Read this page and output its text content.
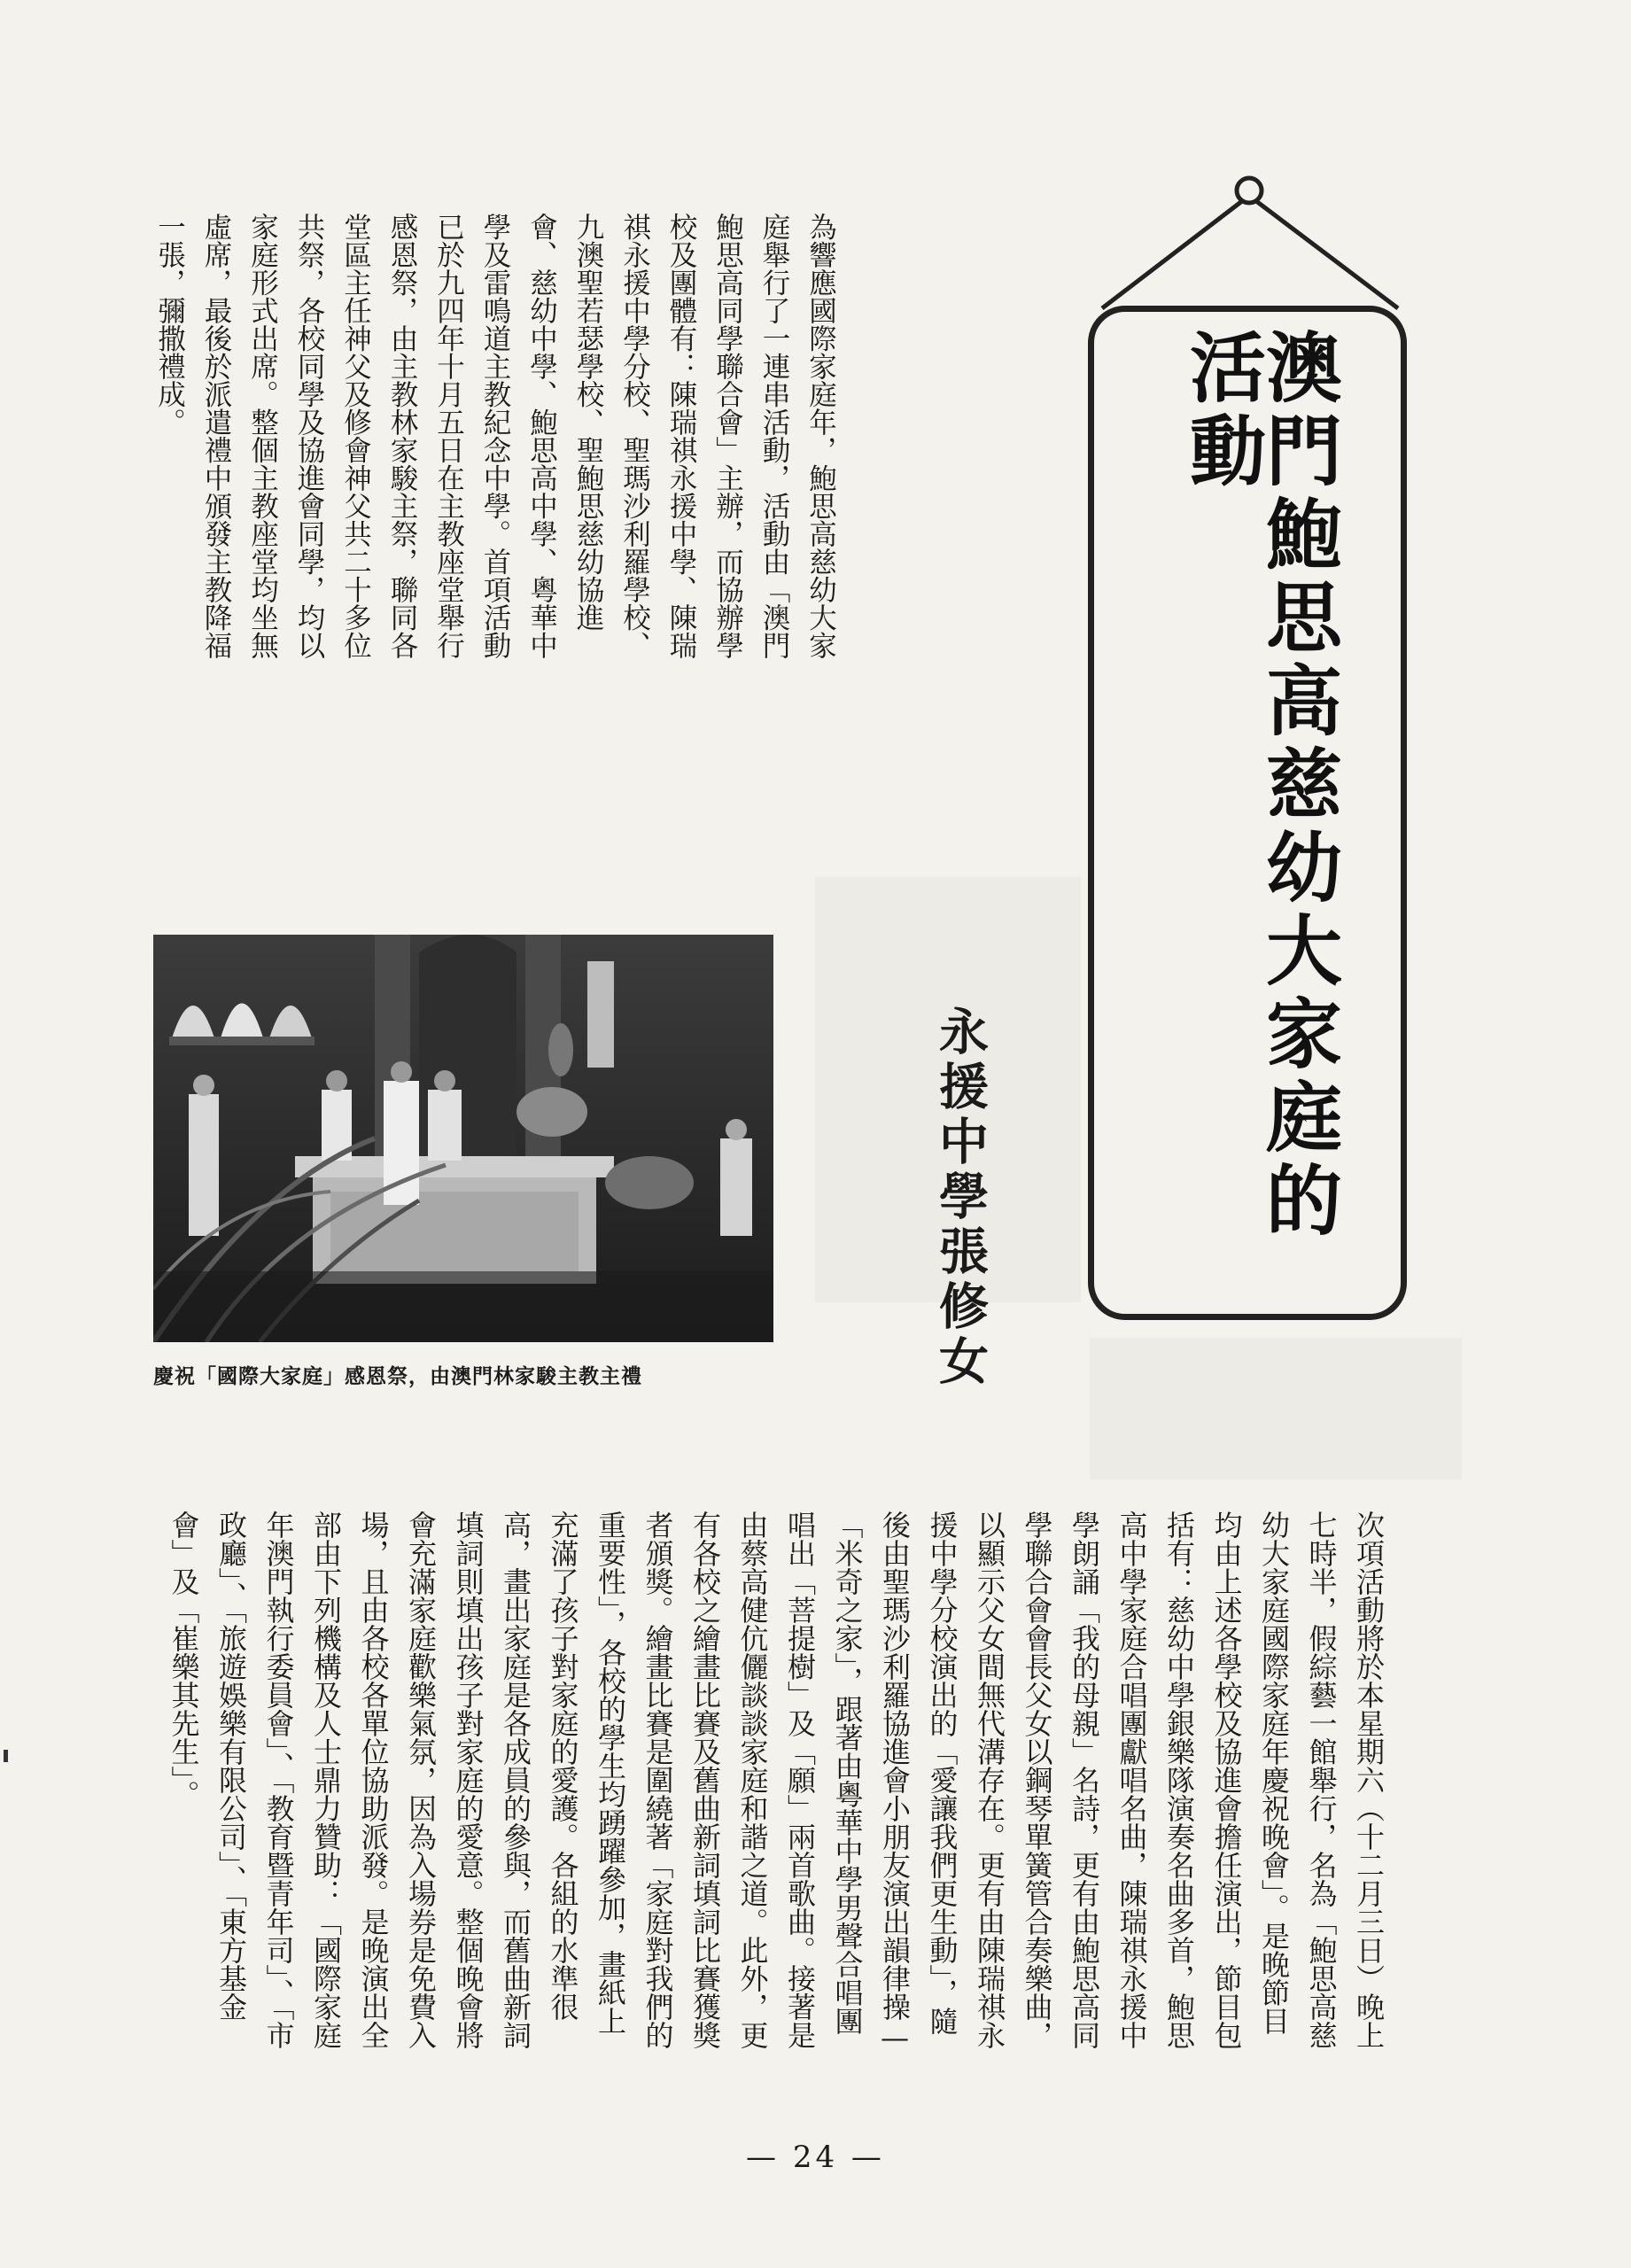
澳門鮑思高慈幼大家庭的活動
永援中學張修女
為響應國際家庭年，鮑思高慈幼大家庭舉行了一連串活動，活動由「澳門鮑思高同學聯合會」主辦，而協辦學校及團體有：陳瑞祺永援中學、陳瑞祺永援中學分校、聖瑪沙利羅學校、九澳聖若瑟學校、聖鮑思慈幼協進會、慈幼中學、鮑思高中學、粵華中學及雷鳴道主教紀念中學。首項活動已於九四年十月五日在主教座堂舉行感恩祭，由主教林家駿主祭，聯同各堂區主任神父及修會神父共二十多位共祭，各校同學及協進會同學，均以家庭形式出席。整個主教座堂均坐無虛席，最後於派遣禮中頒發主教降福一張，彌撒禮成。
慶祝「國際大家庭」感恩祭，由澳門林家駿主教主禮
次項活動將於本星期六（十二月三日）晚上七時半，假綜藝一館舉行，名為「鮑思高慈幼大家庭國際家庭年慶祝晚會」。是晚節目均由上述各學校及協進會擔任演出，節目包括有：慈幼中學銀樂隊演奏名曲多首，鮑思高中學家庭合唱團獻唱名曲，陳瑞祺永援中學朗誦「我的母親」名詩，更有由鮑思高同學聯合會會長父女以鋼琴單簧管合奏樂曲，以顯示父女間無代溝存在。更有由陳瑞祺永援中學分校演出的「愛讓我們更生動」，隨後由聖瑪沙利羅協進會小朋友演出韻律操—「米奇之家」，跟著由粵華中學男聲合唱團唱出「菩提樹」及「願」兩首歌曲。接著是由蔡高健伉儷談談家庭和諧之道。此外，更有各校之繪畫比賽及舊曲新詞填詞比賽獲獎者頒獎。繪畫比賽是圍繞著「家庭對我們的重要性」，各校的學生均踴躍參加，畫紙上充滿了孩子對家庭的愛護。各組的水準很高，畫出家庭是各成員的參與，而舊曲新詞填詞則填出孩子對家庭的愛意。整個晚會將會充滿家庭歡樂氣氛，因為入場券是免費入場，且由各校各單位協助派發。是晚演出全部由下列機構及人士鼎力贊助：「國際家庭年澳門執行委員會」、「教育暨青年司」、「市政廳」、「旅遊娛樂有限公司」、「東方基金會」及「崔樂其先生」。
— 24 —
